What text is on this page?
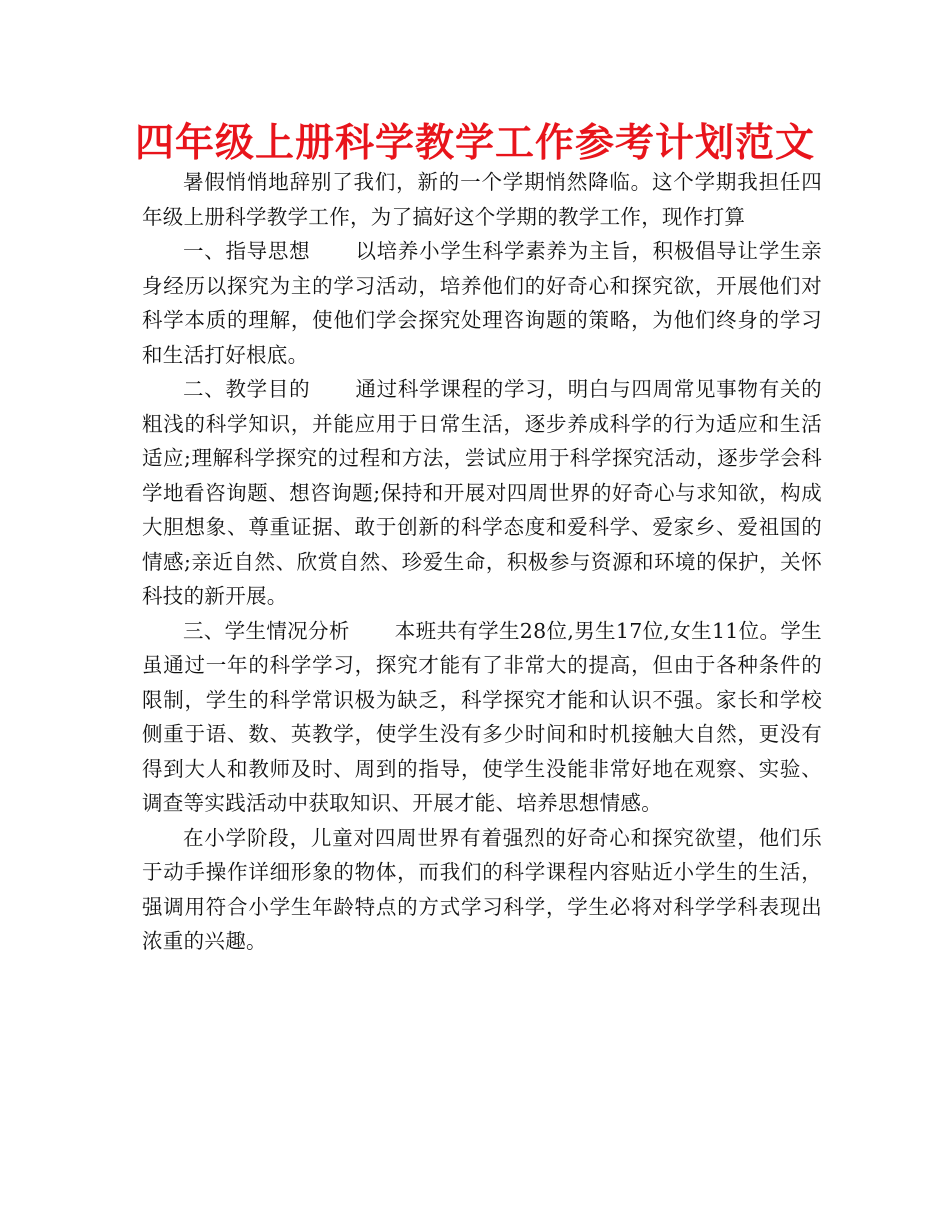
四年级上册科学教学工作参考计划范文

暑假悄悄地辞别了我们，新的一个学期悄然降临。这个学期我担任四年级上册科学教学工作，为了搞好这个学期的教学工作，现作打算

一、指导思想 以培养小学生科学素养为主旨，积极倡导让学生亲身经历以探究为主的学习活动，培养他们的好奇心和探究欲，开展他们对科学本质的理解，使他们学会探究处理咨询题的策略，为他们终身的学习和生活打好根底。

二、教学目的 通过科学课程的学习，明白与四周常见事物有关的粗浅的科学知识，并能应用于日常生活，逐步养成科学的行为适应和生活适应;理解科学探究的过程和方法，尝试应用于科学探究活动，逐步学会科学地看咨询题、想咨询题;保持和开展对四周世界的好奇心与求知欲，构成大胆想象、尊重证据、敢于创新的科学态度和爱科学、爱家乡、爱祖国的情感;亲近自然、欣赏自然、珍爱生命，积极参与资源和环境的保护，关怀科技的新开展。

三、学生情况分析 本班共有学生28位,男生17位,女生11位。学生虽通过一年的科学学习，探究才能有了非常大的提高，但由于各种条件的限制，学生的科学常识极为缺乏，科学探究才能和认识不强。家长和学校侧重于语、数、英教学，使学生没有多少时间和时机接触大自然，更没有得到大人和教师及时、周到的指导，使学生没能非常好地在观察、实验、调查等实践活动中获取知识、开展才能、培养思想情感。

在小学阶段，儿童对四周世界有着强烈的好奇心和探究欲望，他们乐于动手操作详细形象的物体，而我们的科学课程内容贴近小学生的生活，强调用符合小学生年龄特点的方式学习科学，学生必将对科学学科表现出浓重的兴趣。
